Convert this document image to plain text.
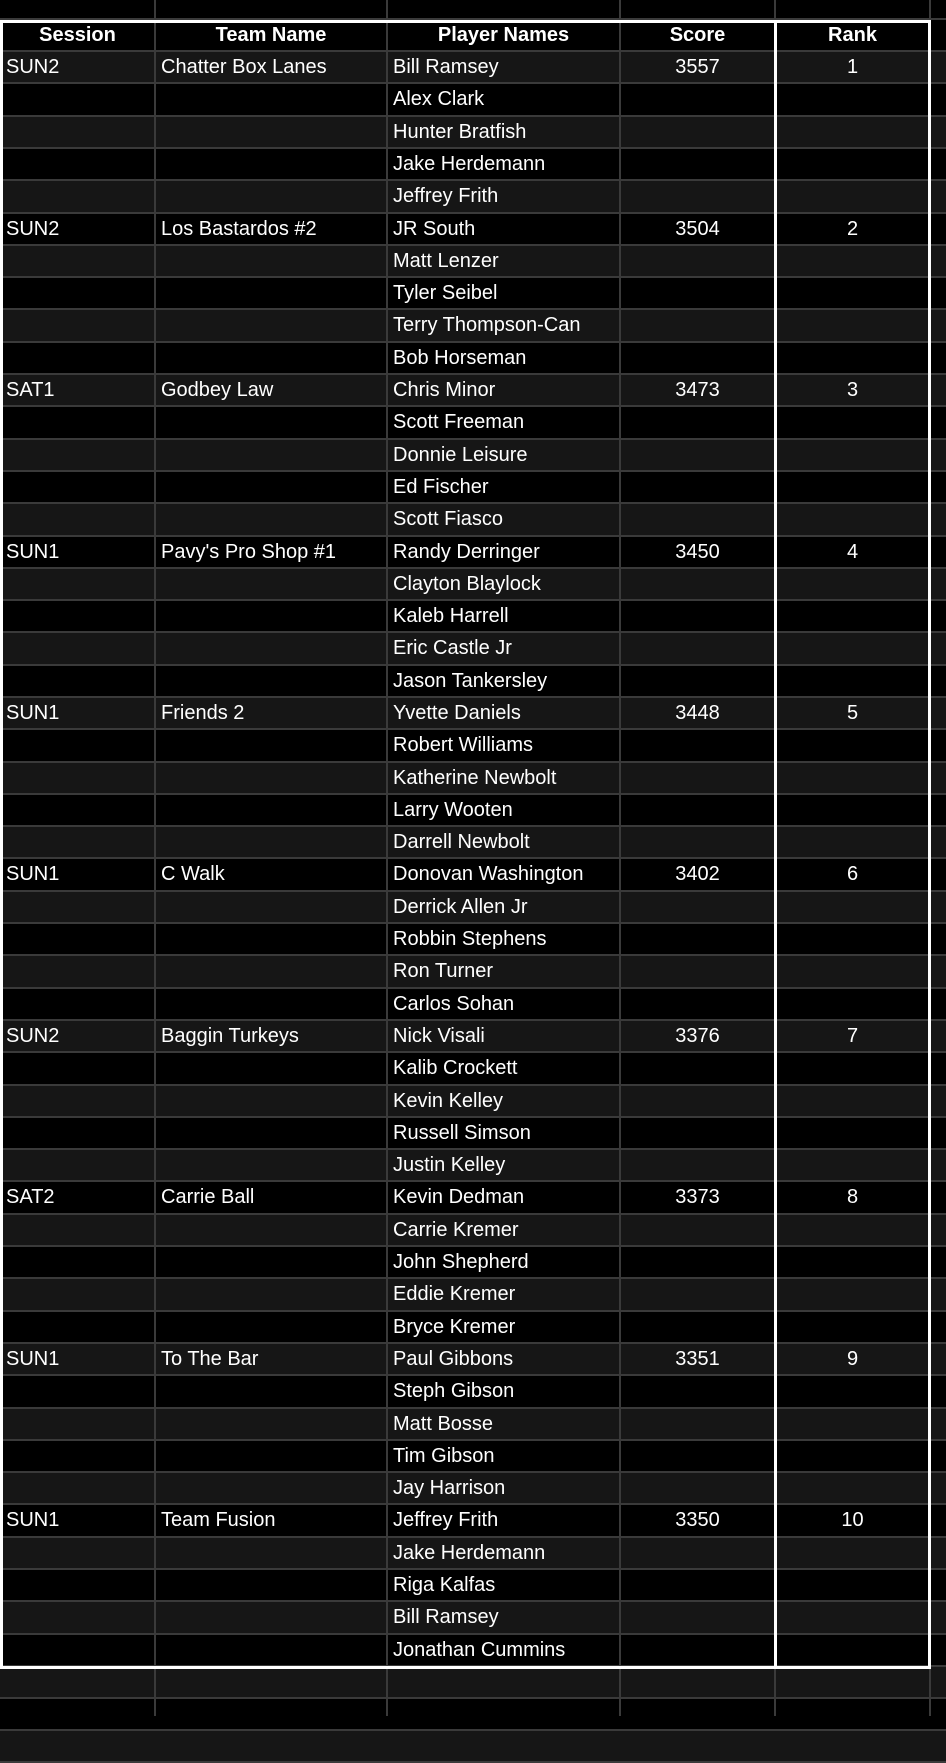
Session	Team Name	Player Names	Score	Rank
SUN2	Chatter Box Lanes	Bill Ramsey	3557	1
Alex Clark
Hunter Bratfish
Jake Herdemann
Jeffrey Frith
SUN2	Los Bastardos #2	JR South	3504	2
Matt Lenzer
Tyler Seibel
Terry Thompson-Can
Bob Horseman
SAT1	Godbey Law	Chris Minor	3473	3
Scott Freeman
Donnie Leisure
Ed Fischer
Scott Fiasco
SUN1	Pavy's Pro Shop #1	Randy Derringer	3450	4
Clayton Blaylock
Kaleb Harrell
Eric Castle Jr
Jason Tankersley
SUN1	Friends 2	Yvette Daniels	3448	5
Robert Williams
Katherine Newbolt
Larry Wooten
Darrell Newbolt
SUN1	C Walk	Donovan Washington	3402	6
Derrick Allen Jr
Robbin Stephens
Ron Turner
Carlos Sohan
SUN2	Baggin Turkeys	Nick Visali	3376	7
Kalib Crockett
Kevin Kelley
Russell Simson
Justin Kelley
SAT2	Carrie Ball	Kevin Dedman	3373	8
Carrie Kremer
John Shepherd
Eddie Kremer
Bryce Kremer
SUN1	To The Bar	Paul Gibbons	3351	9
Steph Gibson
Matt Bosse
Tim Gibson
Jay Harrison
SUN1	Team Fusion	Jeffrey Frith	3350	10
Jake Herdemann
Riga Kalfas
Bill Ramsey
Jonathan Cummins
